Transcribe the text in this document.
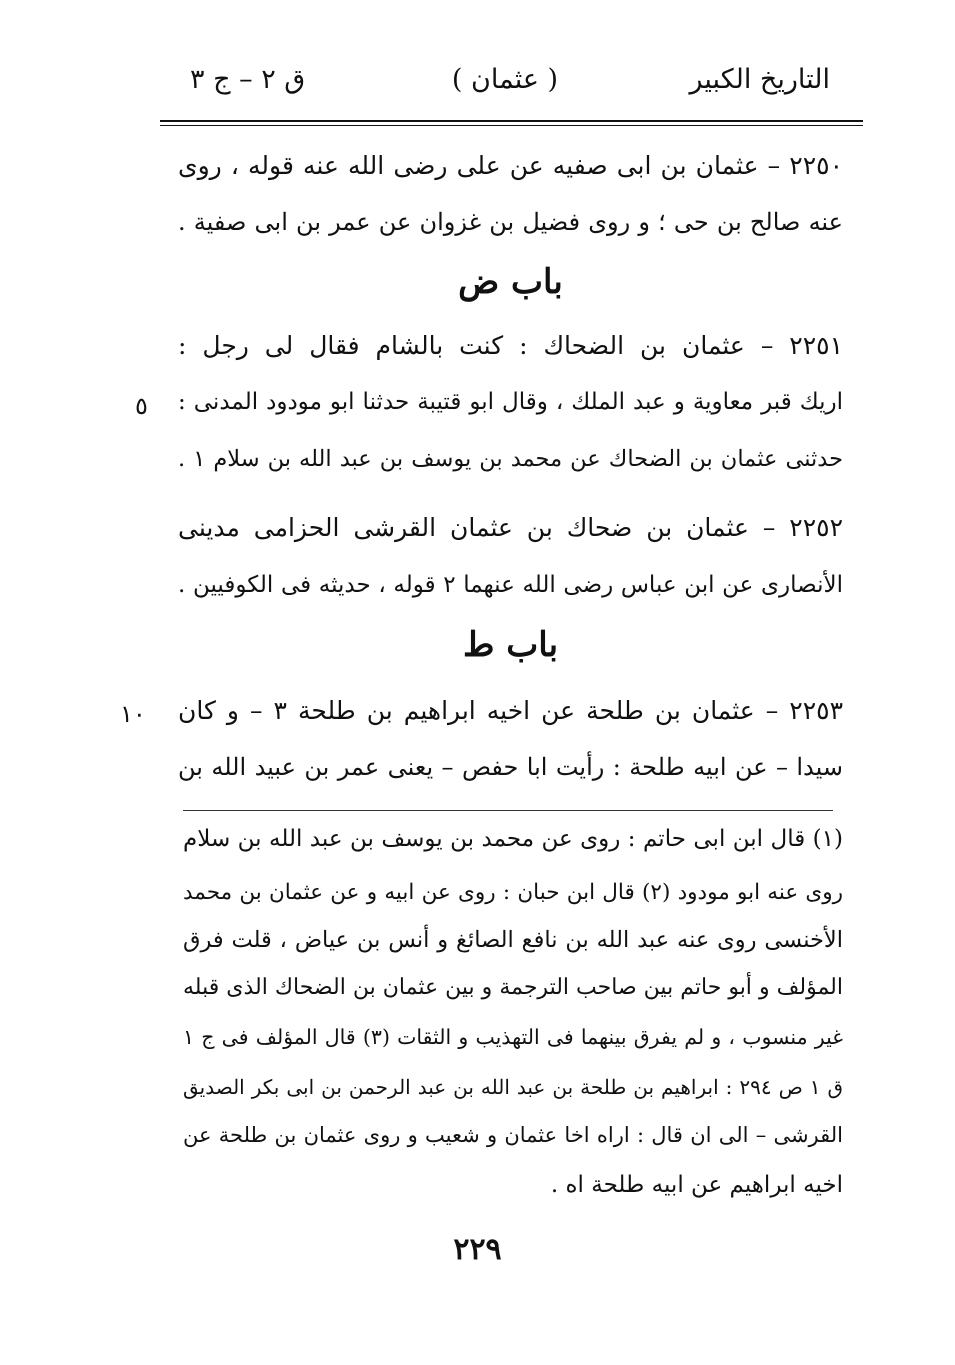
التاريخ الكبير
( عثمان )
ق ٢ – ج ٣
٢٢٥٠ – عثمان بن ابى صفيه عن على رضى الله عنه قوله ، روى
عنه صالح بن حى ؛ و روى فضيل بن غزوان عن عمر بن ابى صفية .
٢٢٥١ – عثمان بن الضحاك : كنت بالشام فقال لى رجل :
اريك قبر معاوية و عبد الملك ، وقال ابو قتيبة حدثنا ابو مودود المدنى :
حدثنى عثمان بن الضحاك عن محمد بن يوسف بن عبد الله بن سلام ١ .
٢٢٥٢ – عثمان بن ضحاك بن عثمان القرشى الحزامى مدينى
الأنصارى عن ابن عباس رضى الله عنهما ٢ قوله ، حديثه فى الكوفيين .
٢٢٥٣ – عثمان بن طلحة عن اخيه ابراهيم بن طلحة ٣ – و كان
سيدا – عن ابيه طلحة : رأيت ابا حفص – يعنى عمر بن عبيد الله بن
باب ض
باب ط
٥
١٠
(١) قال ابن ابى حاتم : روى عن محمد بن يوسف بن عبد الله بن سلام
روى عنه ابو مودود (٢) قال ابن حبان : روى عن ابيه و عن عثمان بن محمد
الأخنسى روى عنه عبد الله بن نافع الصائغ و أنس بن عياض ، قلت فرق
المؤلف و أبو حاتم بين صاحب الترجمة و بين عثمان بن الضحاك الذى قبله
غير منسوب ، و لم يفرق بينهما فى التهذيب و الثقات (٣) قال المؤلف فى ج ١
ق ١ ص ٢٩٤ : ابراهيم بن طلحة بن عبد الله بن عبد الرحمن بن ابى بكر الصديق
القرشى – الى ان قال : اراه اخا عثمان و شعيب و روى عثمان بن طلحة عن
اخيه ابراهيم عن ابيه طلحة اه .
٢٢٩
